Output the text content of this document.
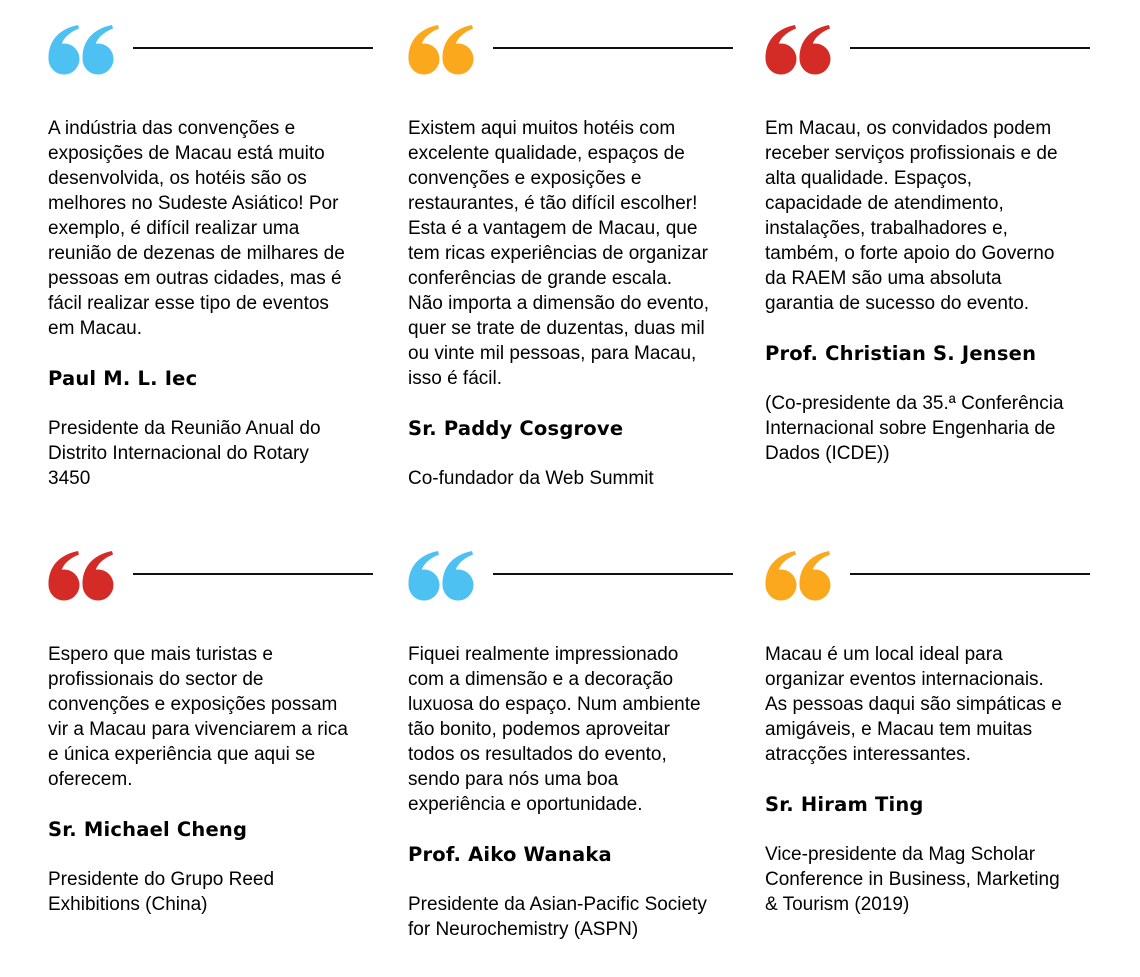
A indústria das convenções e
exposições de Macau está muito
desenvolvida, os hotéis são os
melhores no Sudeste Asiático! Por
exemplo, é difícil realizar uma
reunião de dezenas de milhares de
pessoas em outras cidades, mas é
fácil realizar esse tipo de eventos
em Macau.

Paul M. L. Iec

Presidente da Reunião Anual do
Distrito Internacional do Rotary
3450

Existem aqui muitos hotéis com
excelente qualidade, espaços de
convenções e exposições e
restaurantes, é tão difícil escolher!
Esta é a vantagem de Macau, que
tem ricas experiências de organizar
conferências de grande escala.
Não importa a dimensão do evento,
quer se trate de duzentas, duas mil
ou vinte mil pessoas, para Macau,
isso é fácil.

Sr. Paddy Cosgrove

Co-fundador da Web Summit

Em Macau, os convidados podem
receber serviços profissionais e de
alta qualidade. Espaços,
capacidade de atendimento,
instalações, trabalhadores e,
também, o forte apoio do Governo
da RAEM são uma absoluta
garantia de sucesso do evento.

Prof. Christian S. Jensen

(Co-presidente da 35.ª Conferência
Internacional sobre Engenharia de
Dados (ICDE))

Espero que mais turistas e
profissionais do sector de
convenções e exposições possam
vir a Macau para vivenciarem a rica
e única experiência que aqui se
oferecem.

Sr. Michael Cheng

Presidente do Grupo Reed
Exhibitions (China)

Fiquei realmente impressionado
com a dimensão e a decoração
luxuosa do espaço. Num ambiente
tão bonito, podemos aproveitar
todos os resultados do evento,
sendo para nós uma boa
experiência e oportunidade.

Prof. Aiko Wanaka

Presidente da Asian-Pacific Society
for Neurochemistry (ASPN)

Macau é um local ideal para
organizar eventos internacionais.
As pessoas daqui são simpáticas e
amigáveis, e Macau tem muitas
atracções interessantes.

Sr. Hiram Ting

Vice-presidente da Mag Scholar
Conference in Business, Marketing
& Tourism (2019)
